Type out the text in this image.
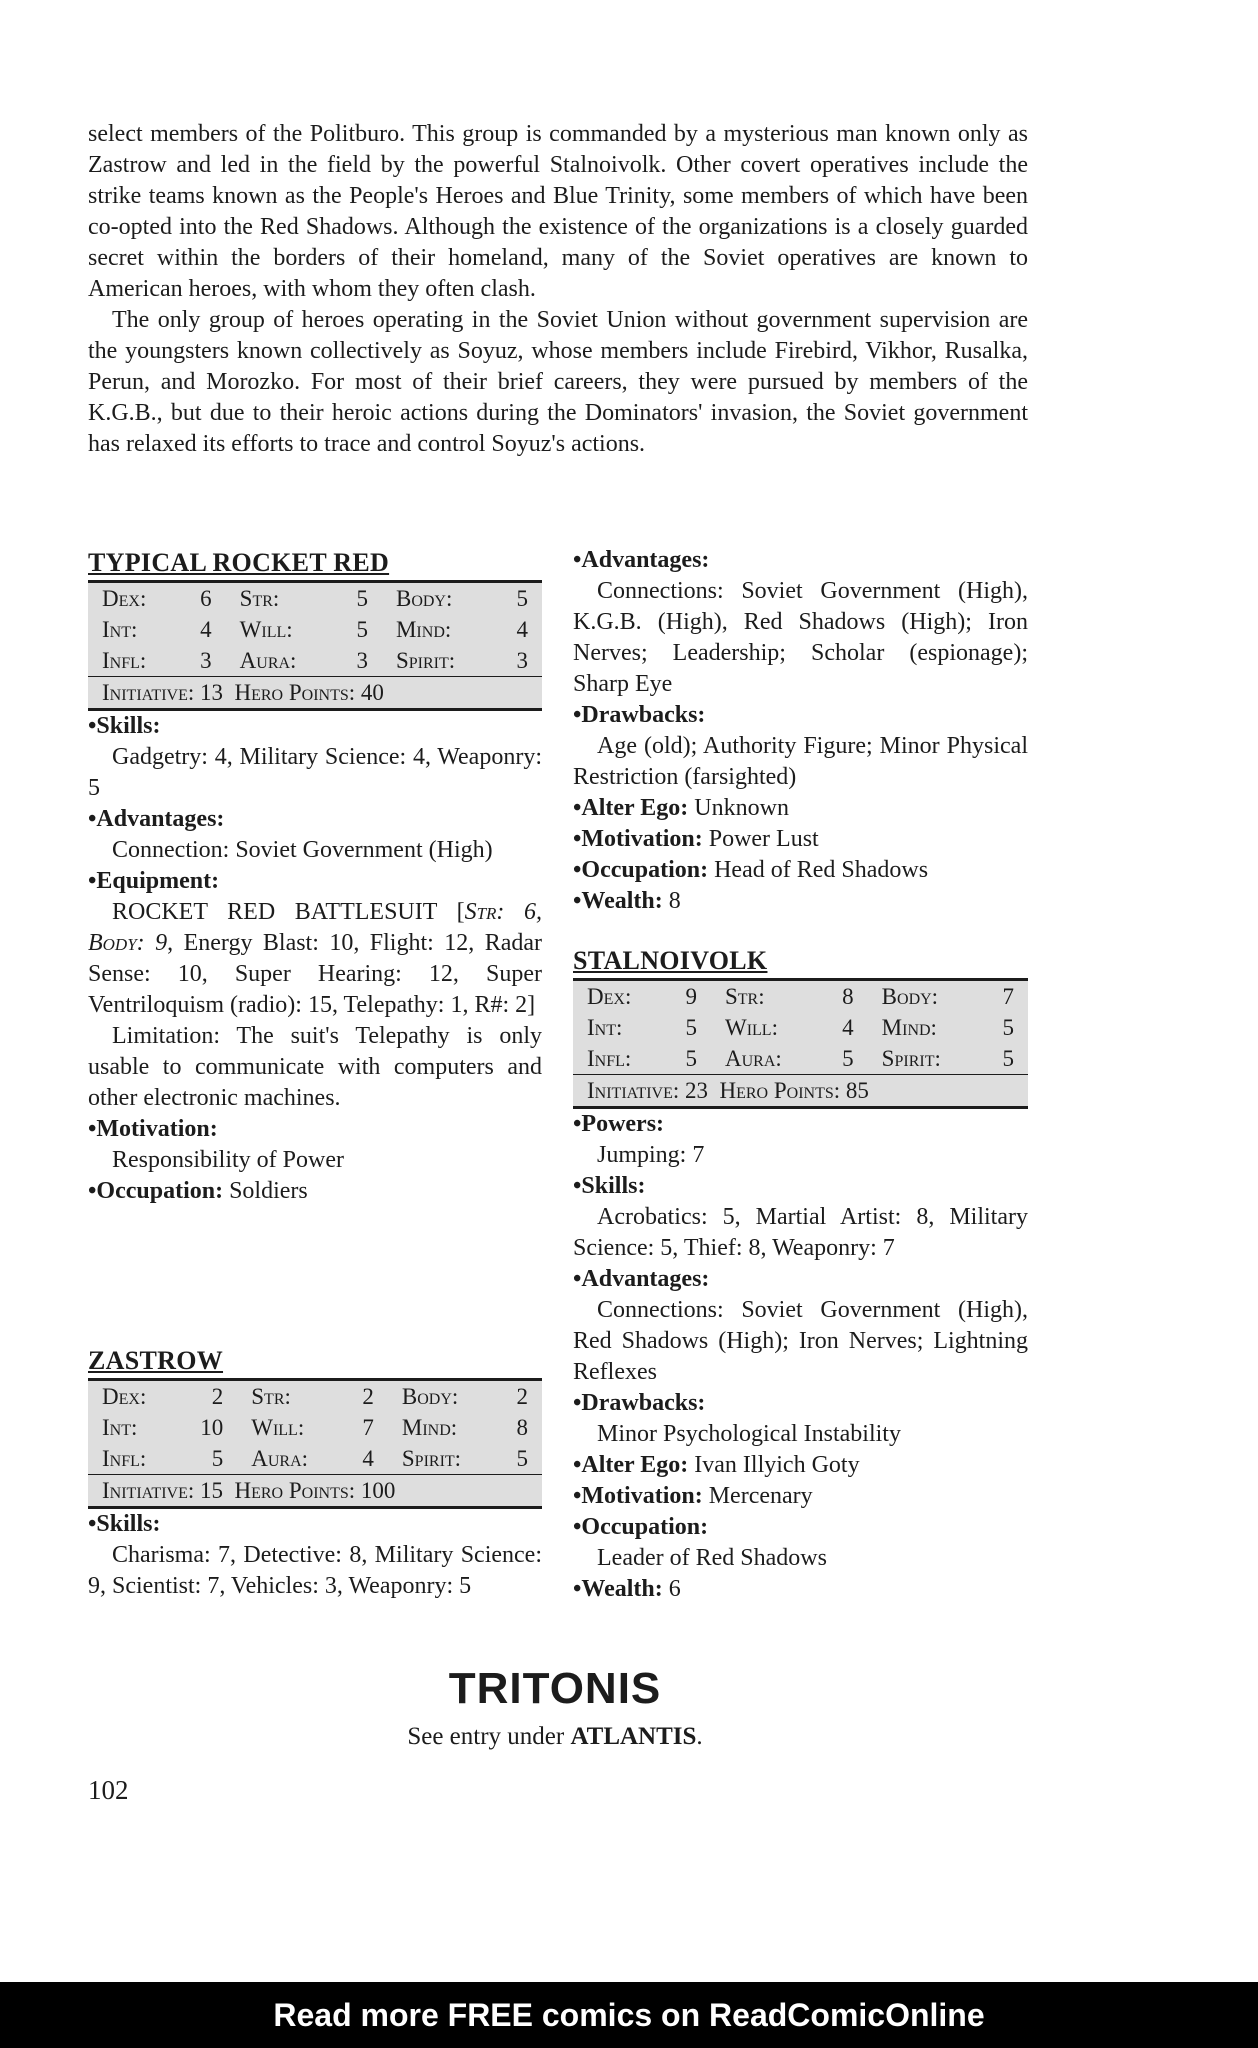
select members of the Politburo. This group is commanded by a mysterious man known only as Zastrow and led in the field by the powerful Stalnoivolk. Other covert operatives include the strike teams known as the People's Heroes and Blue Trinity, some members of which have been co-opted into the Red Shadows. Although the existence of the organizations is a closely guarded secret within the borders of their homeland, many of the Soviet operatives are known to American heroes, with whom they often clash.

The only group of heroes operating in the Soviet Union without government supervision are the youngsters known collectively as Soyuz, whose members include Firebird, Vikhor, Rusalka, Perun, and Morozko. For most of their brief careers, they were pursued by members of the K.G.B., but due to their heroic actions during the Dominators' invasion, the Soviet government has relaxed its efforts to trace and control Soyuz's actions.

TYPICAL ROCKET RED
Dex:	6	Str:	5	Body:	5
Int:	4	Will:	5	Mind:	4
Infl:	3	Aura:	3	Spirit:	3
Initiative: 13 Hero Points: 40					

• Skills:

Gadgetry: 4, Military Science: 4, Weaponry: 5

• Advantages:

Connection: Soviet Government (High)

• Equipment:

ROCKET RED BATTLESUIT [Str: 6, Body: 9, Energy Blast: 10, Flight: 12, Radar Sense: 10, Super Hearing: 12, Super Ventriloquism (radio): 15, Telepathy: 1, R#: 2]

Limitation: The suit's Telepathy is only usable to communicate with computers and other electronic machines.

• Motivation:

Responsibility of Power

• Occupation: Soldiers

ZASTROW
Dex:	2	Str:	2	Body:	2
Int:	10	Will:	7	Mind:	8
Infl:	5	Aura:	4	Spirit:	5
Initiative: 15 Hero Points: 100					

• Skills:

Charisma: 7, Detective: 8, Military Science: 9, Scientist: 7, Vehicles: 3, Weaponry: 5

• Advantages:

Connections: Soviet Government (High), K.G.B. (High), Red Shadows (High); Iron Nerves; Leadership; Scholar (espionage); Sharp Eye

• Drawbacks:

Age (old); Authority Figure; Minor Physical Restriction (farsighted)

• Alter Ego: Unknown

• Motivation: Power Lust

• Occupation: Head of Red Shadows

• Wealth: 8

STALNOIVOLK
Dex:	9	Str:	8	Body:	7
Int:	5	Will:	4	Mind:	5
Infl:	5	Aura:	5	Spirit:	5
Initiative: 23 Hero Points: 85					

• Powers:

Jumping: 7

• Skills:

Acrobatics: 5, Martial Artist: 8, Military Science: 5, Thief: 8, Weaponry: 7

• Advantages:

Connections: Soviet Government (High), Red Shadows (High); Iron Nerves; Lightning Reflexes

• Drawbacks:

Minor Psychological Instability

• Alter Ego: Ivan Illyich Goty

• Motivation: Mercenary

• Occupation:

Leader of Red Shadows

• Wealth: 6

TRITONIS

See entry under ATLANTIS.

102

Read more FREE comics on ReadComicOnline
